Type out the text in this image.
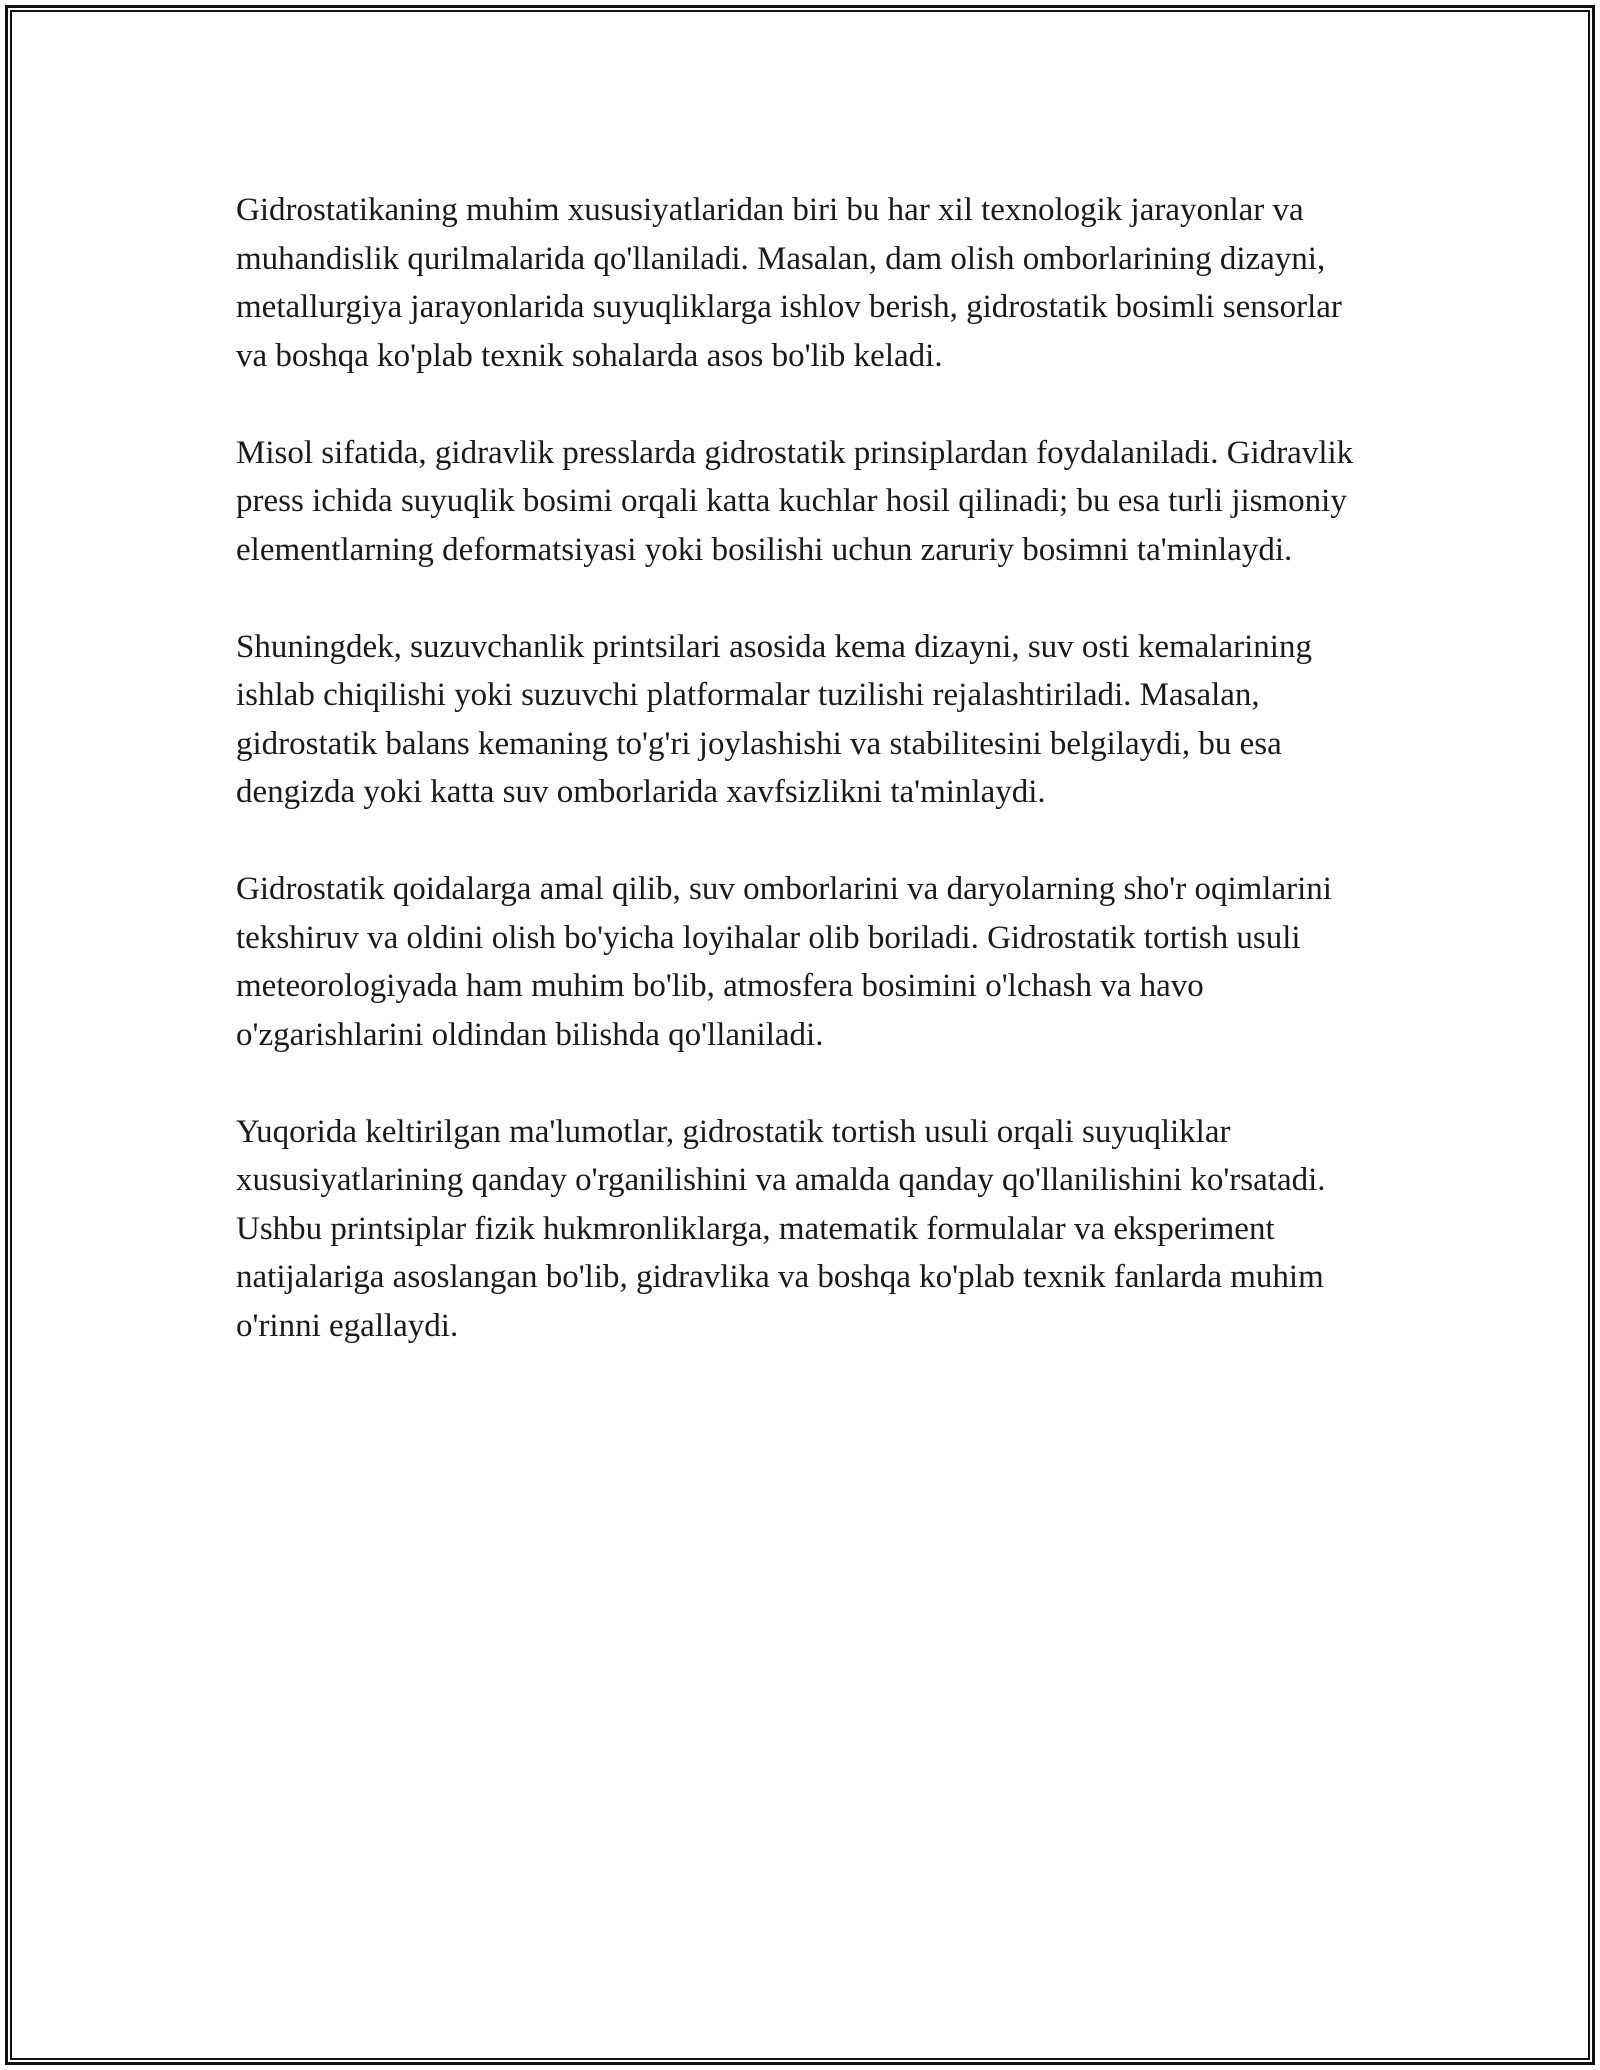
Gidrostatikaning muhim xususiyatlaridan biri bu har xil texnologik jarayonlar va muhandislik qurilmalarida qo'llaniladi. Masalan, dam olish omborlarining dizayni, metallurgiya jarayonlarida suyuqliklarga ishlov berish, gidrostatik bosimli sensorlar va boshqa ko'plab texnik sohalarda asos bo'lib keladi.

Misol sifatida, gidravlik presslarda gidrostatik prinsiplardan foydalaniladi. Gidravlik press ichida suyuqlik bosimi orqali katta kuchlar hosil qilinadi; bu esa turli jismoniy elementlarning deformatsiyasi yoki bosilishi uchun zaruriy bosimni ta'minlaydi.

Shuningdek, suzuvchanlik printsilari asosida kema dizayni, suv osti kemalarining ishlab chiqilishi yoki suzuvchi platformalar tuzilishi rejalashtiriladi. Masalan, gidrostatik balans kemaning to'g'ri joylashishi va stabilitesini belgilaydi, bu esa dengizda yoki katta suv omborlarida xavfsizlikni ta'minlaydi.

Gidrostatik qoidalarga amal qilib, suv omborlarini va daryolarning sho'r oqimlarini tekshiruv va oldini olish bo'yicha loyihalar olib boriladi. Gidrostatik tortish usuli meteorologiyada ham muhim bo'lib, atmosfera bosimini o'lchash va havo o'zgarishlarini oldindan bilishda qo'llaniladi.

Yuqorida keltirilgan ma'lumotlar, gidrostatik tortish usuli orqali suyuqliklar xususiyatlarining qanday o'rganilishini va amalda qanday qo'llanilishini ko'rsatadi. Ushbu printsiplar fizik hukmronliklarga, matematik formulalar va eksperiment natijalariga asoslangan bo'lib, gidravlika va boshqa ko'plab texnik fanlarda muhim o'rinni egallaydi.
